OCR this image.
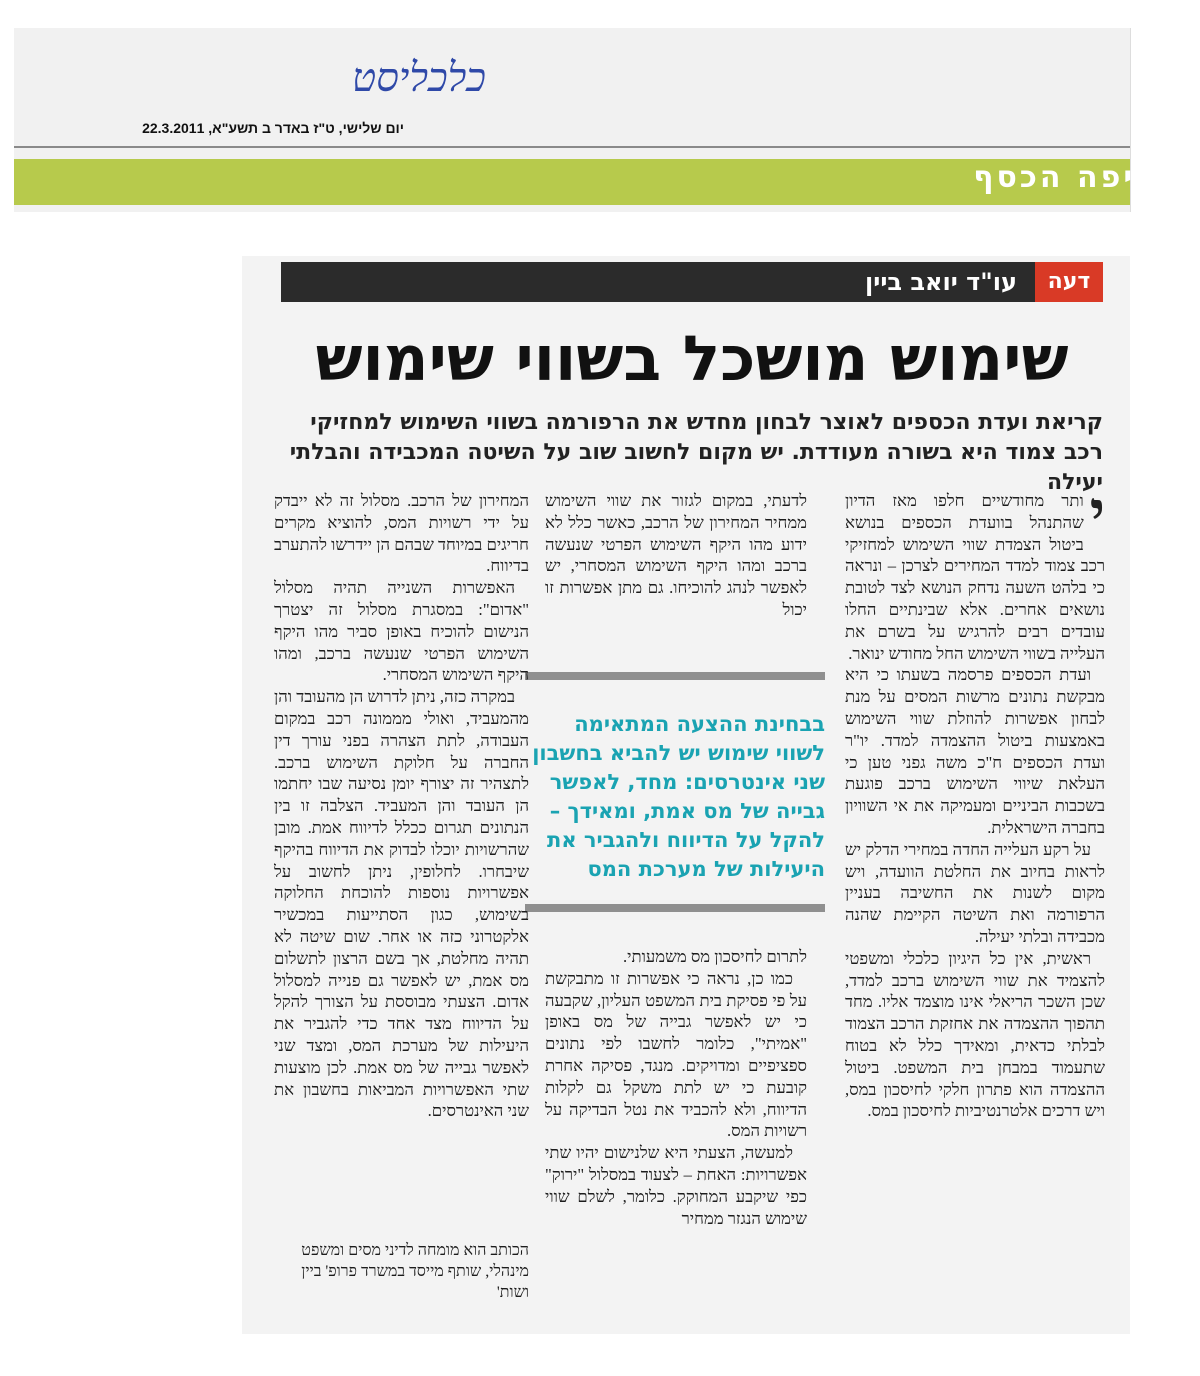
כלכליסט
יום שלישי, ט"ז באדר ב תשע"א, 22.3.2011
איפה הכסף
דעה
עו"ד יואב ביין
שימוש מושכל בשווי שימוש
קריאת ועדת הכספים לאוצר לבחון מחדש את הרפורמה בשווי השימוש למחזיקי רכב צמוד היא בשורה מעודדת. יש מקום לחשוב שוב על השיטה המכבידה והבלתי יעילה
י

ותר מחודשיים חלפו מאז הדיון שהתנהל בוועדת הכספים בנושא ביטול הצמדת שווי השימוש למחזיקי רכב צמוד למדד המחירים לצרכן – ונראה כי בלהט השעה נדחק הנושא לצד לטובת נושאים אחרים. אלא שבינתיים החלו עובדים רבים להרגיש על בשרם את העלייה בשווי השימוש החל מחודש ינואר.

ועדת הכספים פרסמה בשעתו כי היא מבקשת נתונים מרשות המסים על מנת לבחון אפשרות להוזלת שווי השימוש באמצעות ביטול ההצמדה למדד. יו"ר ועדת הכספים ח"כ משה גפני טען כי העלאת שיווי השימוש ברכב פוגעת בשכבות הביניים ומעמיקה את אי השוויון בחברה הישראלית.

על רקע העלייה החדה במחירי הדלק יש לראות בחיוב את החלטת הוועדה, ויש מקום לשנות את החשיבה בעניין הרפורמה ואת השיטה הקיימת שהנה מכבידה ובלתי יעילה.

ראשית, אין כל היגיון כלכלי ומשפטי להצמיד את שווי השימוש ברכב למדד, שכן השכר הריאלי אינו מוצמד אליו. מחד תהפוך ההצמדה את אחזקת הרכב הצמוד לבלתי כדאית, ומאידך כלל לא בטוח שתעמוד במבחן בית המשפט. ביטול ההצמדה הוא פתרון חלקי לחיסכון במס, ויש דרכים אלטרנטיביות לחיסכון במס.

לדעתי, במקום לגזור את שווי השימוש ממחיר המחירון של הרכב, כאשר כלל לא ידוע מהו היקף השימוש הפרטי שנעשה ברכב ומהו היקף השימוש המסחרי, יש לאפשר לנהג להוכיחו. גם מתן אפשרות זו יכול

בבחינת ההצעה המתאימה לשווי שימוש יש להביא בחשבון שני אינטרסים: מחד, לאפשר גבייה של מס אמת, ומאידך – להקל על הדיווח ולהגביר את היעילות של מערכת המס

לתרום לחיסכון מס משמעותי.

כמו כן, נראה כי אפשרות זו מתבקשת על פי פסיקת בית המשפט העליון, שקבעה כי יש לאפשר גבייה של מס באופן "אמיתי", כלומר לחשבו לפי נתונים ספציפיים ומדויקים. מנגד, פסיקה אחרת קובעת כי יש לתת משקל גם לקלות הדיווח, ולא להכביד את נטל הבדיקה על רשויות המס.

למעשה, הצעתי היא שלנישום יהיו שתי אפשרויות: האחת – לצעוד במסלול "ירוק" כפי שיקבע המחוקק. כלומר, לשלם שווי שימוש הנגזר ממחיר

המחירון של הרכב. מסלול זה לא ייבדק על ידי רשויות המס, להוציא מקרים חריגים במיוחד שבהם הן יידרשו להתערב בדיווח.

האפשרות השנייה תהיה מסלול "אדום": במסגרת מסלול זה יצטרך הנישום להוכיח באופן סביר מהו היקף השימוש הפרטי שנעשה ברכב, ומהו היקף השימוש המסחרי.

במקרה כזה, ניתן לדרוש הן מהעובד והן מהמעביד, ואולי מממונה רכב במקום העבודה, לתת הצהרה בפני עורך דין החברה על חלוקת השימוש ברכב. לתצהיר זה יצורף יומן נסיעה שבו יחתמו הן העובד והן המעביד. הצלבה זו בין הנתונים תגרום ככלל לדיווח אמת. מובן שהרשויות יוכלו לבדוק את הדיווח בהיקף שיבחרו. לחלופין, ניתן לחשוב על אפשרויות נוספות להוכחת החלוקה בשימוש, כגון הסתייעות במכשיר אלקטרוני כזה או אחר. שום שיטה לא תהיה מחלטת, אך בשם הרצון לתשלום מס אמת, יש לאפשר גם פנייה למסלול אדום. הצעתי מבוססת על הצורך להקל על הדיווח מצד אחד כדי להגביר את היעילות של מערכת המס, ומצד שני לאפשר גבייה של מס אמת. לכן מוצעות שתי האפשרויות המביאות בחשבון את שני האינטרסים.

הכותב הוא מומחה לדיני מסים ומשפט מינהלי, שותף מייסד במשרד פרופ' ביין ושות'
